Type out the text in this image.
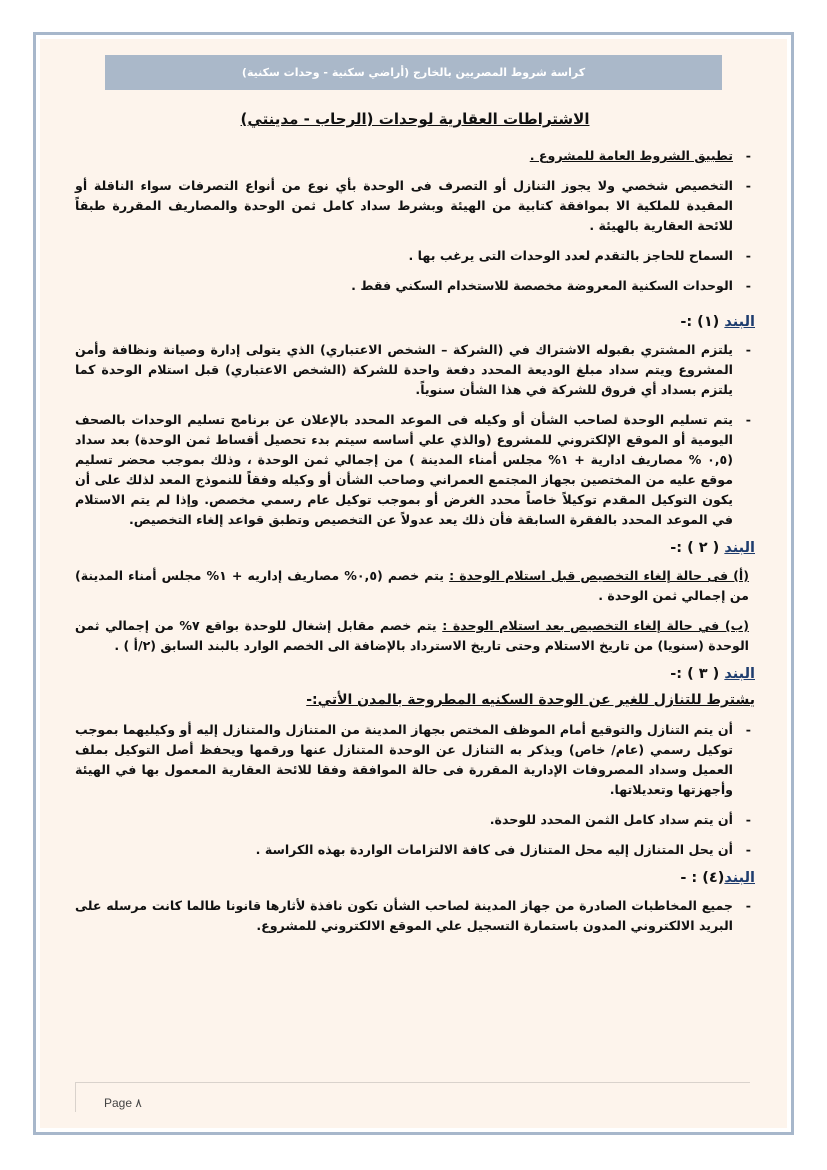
كراسة شروط المصريين بالخارج (أراضي سكنية - وحدات سكنية)
الاشتراطات العقارية لوحدات (الرحاب - مدينتي)
-
تطبيق الشروط العامة للمشروع .
-
التخصيص شخصي ولا يجوز التنازل أو التصرف فى الوحدة بأي نوع من أنواع التصرفات سواء الناقلة أو المقيدة للملكية الا بموافقة كتابية من الهيئة وبشرط سداد كامل ثمن الوحدة والمصاريف المقررة طبقاً للائحة العقارية بالهيئة .
-
السماح للحاجز بالتقدم لعدد الوحدات التى يرغب بها .
-
الوحدات السكنية المعروضة مخصصة للاستخدام السكني فقط .
البند (١) :-
-
يلتزم المشتري بقبوله الاشتراك في (الشركة – الشخص الاعتباري) الذي يتولى إدارة وصيانة ونظافة وأمن المشروع ويتم سداد مبلغ الوديعة المحدد دفعة واحدة للشركة (الشخص الاعتباري) قبل استلام الوحدة كما يلتزم بسداد أي فروق للشركة في هذا الشأن سنوياً.
-
يتم تسليم الوحدة لصاحب الشأن أو وكيله فى الموعد المحدد بالإعلان عن برنامج تسليم الوحدات بالصحف اليومية أو الموقع الإلكتروني للمشروع (والذي علي أساسه سيتم بدء تحصيل أقساط ثمن الوحدة) بعد سداد (٠,٥ % مصاريف ادارية + ١% مجلس أمناء المدينة ) من إجمالي ثمن الوحدة ، وذلك بموجب محضر تسليم موقع عليه من المختصين بجهاز المجتمع العمراني وصاحب الشأن أو وكيله وفقاً للنموذج المعد لذلك على أن يكون التوكيل المقدم توكيلاً خاصاً محدد الغرض أو بموجب توكيل عام رسمي مخصص. وإذا لم يتم الاستلام في الموعد المحدد بالفقرة السابقة فأن ذلك يعد عدولاً عن التخصيص وتطبق قواعد إلغاء التخصيص.
البند ( ٢ ) :-
(أ) فى حالة إلغاء التخصيص قبل استلام الوحدة : يتم خصم (٠,٥% مصاريف إداريه + ١% مجلس أمناء المدينة) من إجمالي ثمن الوحدة .
(ب) في حالة إلغاء التخصيص بعد استلام الوحدة : يتم خصم مقابل إشغال للوحدة بواقع ٧% من إجمالي ثمن الوحدة (سنويا) من تاريخ الاستلام وحتى تاريخ الاسترداد بالإضافة الى الخصم الوارد بالبند السابق (٢/أ ) .
البند ( ٣ ) :-
يشترط للتنازل للغير عن الوحدة السكنيه المطروحة بالمدن الأتي:-
-
أن يتم التنازل والتوقيع أمام الموظف المختص بجهاز المدينة من المتنازل والمتنازل إليه أو وكيليهما بموجب توكيل رسمي (عام/ خاص) ويذكر به التنازل عن الوحدة المتنازل عنها ورقمها ويحفظ أصل التوكيل بملف العميل وسداد المصروفات الإدارية المقررة فى حالة الموافقة وفقا للائحة العقارية المعمول بها في الهيئة وأجهزتها وتعديلاتها.
-
أن يتم سداد كامل الثمن المحدد للوحدة.
-
أن يحل المتنازل إليه محل المتنازل فى كافة الالتزامات الواردة بهذه الكراسة .
البند(٤) : -
-
جميع المخاطبات الصادرة من جهاز المدينة لصاحب الشأن تكون نافذة لأثارها قانونا طالما كانت مرسله على البريد الالكتروني المدون باستمارة التسجيل علي الموقع الالكتروني للمشروع.
Page ٨
